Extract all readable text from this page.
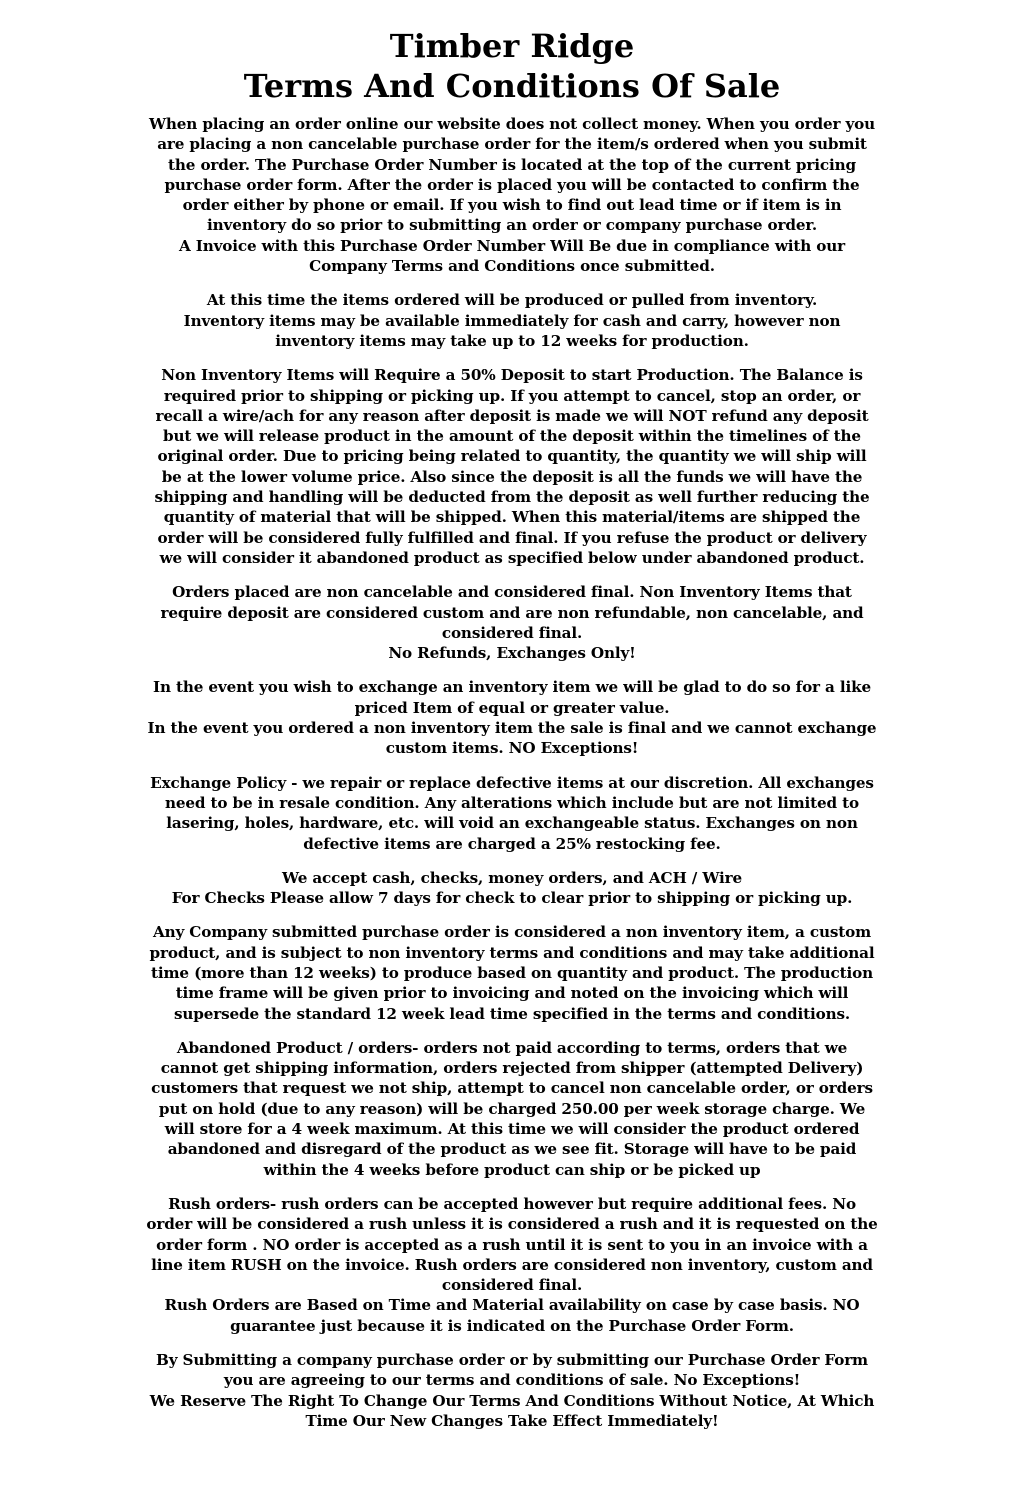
Timber Ridge
Terms And Conditions Of Sale
When placing an order online our website does not collect money. When you order you
are placing a non cancelable purchase order for the item/s ordered when you submit
the order. The Purchase Order Number is located at the top of the current pricing
purchase order form. After the order is placed you will be contacted to confirm the
order either by phone or email. If you wish to find out lead time or if item is in
inventory do so prior to submitting an order or company purchase order.
A Invoice with this Purchase Order Number Will Be due in compliance with our
Company Terms and Conditions once submitted.
At this time the items ordered will be produced or pulled from inventory.
Inventory items may be available immediately for cash and carry, however non
inventory items may take up to 12 weeks for production.
Non Inventory Items will Require a 50% Deposit to start Production. The Balance is
required prior to shipping or picking up. If you attempt to cancel, stop an order, or
recall a wire/ach for any reason after deposit is made we will NOT refund any deposit
but we will release product in the amount of the deposit within the timelines of the
original order. Due to pricing being related to quantity, the quantity we will ship will
be at the lower volume price. Also since the deposit is all the funds we will have the
shipping and handling will be deducted from the deposit as well further reducing the
quantity of material that will be shipped. When this material/items are shipped the
order will be considered fully fulfilled and final. If you refuse the product or delivery
we will consider it abandoned product as specified below under abandoned product.
Orders placed are non cancelable and considered final. Non Inventory Items that
require deposit are considered custom and are non refundable, non cancelable, and
considered final.
No Refunds, Exchanges Only!
In the event you wish to exchange an inventory item we will be glad to do so for a like
priced Item of equal or greater value.
In the event you ordered a non inventory item the sale is final and we cannot exchange
custom items. NO Exceptions!
Exchange Policy - we repair or replace defective items at our discretion. All exchanges
need to be in resale condition. Any alterations which include but are not limited to
lasering, holes, hardware, etc. will void an exchangeable status. Exchanges on non
defective items are charged a 25% restocking fee.
We accept cash, checks, money orders, and ACH / Wire
For Checks Please allow 7 days for check to clear prior to shipping or picking up.
Any Company submitted purchase order is considered a non inventory item, a custom
product, and is subject to non inventory terms and conditions and may take additional
time (more than 12 weeks) to produce based on quantity and product. The production
time frame will be given prior to invoicing and noted on the invoicing which will
supersede the standard 12 week lead time specified in the terms and conditions.
Abandoned Product / orders- orders not paid according to terms, orders that we
cannot get shipping information, orders rejected from shipper (attempted Delivery)
customers that request we not ship, attempt to cancel non cancelable order, or orders
put on hold (due to any reason) will be charged 250.00 per week storage charge. We
will store for a 4 week maximum. At this time we will consider the product ordered
abandoned and disregard of the product as we see fit. Storage will have to be paid
within the 4 weeks before product can ship or be picked up
Rush orders- rush orders can be accepted however but require additional fees. No
order will be considered a rush unless it is considered a rush and it is requested on the
order form . NO order is accepted as a rush until it is sent to you in an invoice with a
line item RUSH on the invoice. Rush orders are considered non inventory, custom and
considered final.
Rush Orders are Based on Time and Material availability on case by case basis. NO
guarantee just because it is indicated on the Purchase Order Form.
By Submitting a company purchase order or by submitting our Purchase Order Form
you are agreeing to our terms and conditions of sale. No Exceptions!
We Reserve The Right To Change Our Terms And Conditions Without Notice, At Which
Time Our New Changes Take Effect Immediately!
